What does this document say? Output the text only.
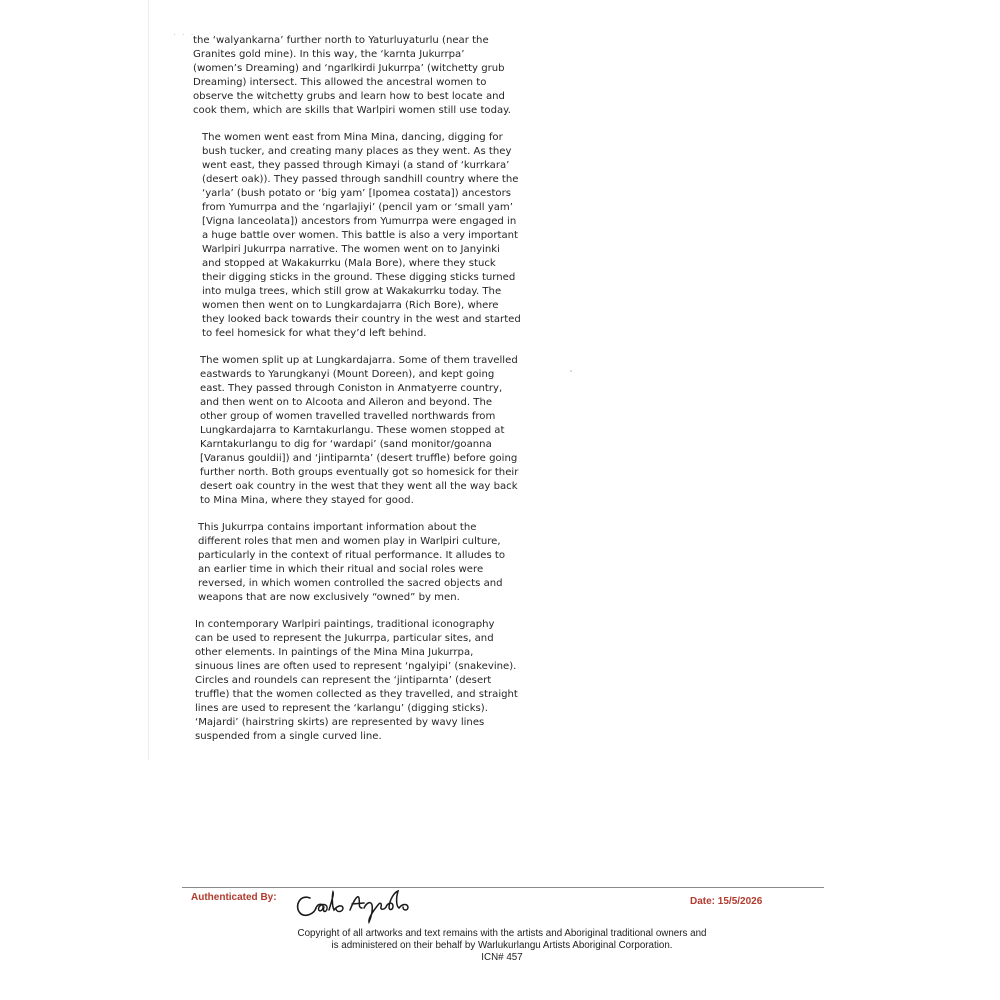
· · ·

the ‘walyankarna’ further north to Yaturluyaturlu (near the
Granites gold mine). In this way, the ‘karnta Jukurrpa’
(women’s Dreaming) and ‘ngarlkirdi Jukurrpa’ (witchetty grub
Dreaming) intersect. This allowed the ancestral women to
observe the witchetty grubs and learn how to best locate and
cook them, which are skills that Warlpiri women still use today.

The women went east from Mina Mina, dancing, digging for
bush tucker, and creating many places as they went. As they
went east, they passed through Kimayi (a stand of ‘kurrkara’
(desert oak)). They passed through sandhill country where the
‘yarla’ (bush potato or ‘big yam’ [Ipomea costata]) ancestors
from Yumurrpa and the ‘ngarlajiyi’ (pencil yam or ‘small yam’
[Vigna lanceolata]) ancestors from Yumurrpa were engaged in
a huge battle over women. This battle is also a very important
Warlpiri Jukurrpa narrative. The women went on to Janyinki
and stopped at Wakakurrku (Mala Bore), where they stuck
their digging sticks in the ground. These digging sticks turned
into mulga trees, which still grow at Wakakurrku today. The
women then went on to Lungkardajarra (Rich Bore), where
they looked back towards their country in the west and started
to feel homesick for what they’d left behind.

The women split up at Lungkardajarra. Some of them travelled
eastwards to Yarungkanyi (Mount Doreen), and kept going
east. They passed through Coniston in Anmatyerre country,
and then went on to Alcoota and Aileron and beyond. The
other group of women travelled travelled northwards from
Lungkardajarra to Karntakurlangu. These women stopped at
Karntakurlangu to dig for ‘wardapi’ (sand monitor/goanna
[Varanus gouldii]) and ‘jintiparnta’ (desert truffle) before going
further north. Both groups eventually got so homesick for their
desert oak country in the west that they went all the way back
to Mina Mina, where they stayed for good.

This Jukurrpa contains important information about the
different roles that men and women play in Warlpiri culture,
particularly in the context of ritual performance. It alludes to
an earlier time in which their ritual and social roles were
reversed, in which women controlled the sacred objects and
weapons that are now exclusively “owned” by men.

In contemporary Warlpiri paintings, traditional iconography
can be used to represent the Jukurrpa, particular sites, and
other elements. In paintings of the Mina Mina Jukurrpa,
sinuous lines are often used to represent ‘ngalyipi’ (snakevine).
Circles and roundels can represent the ‘jintiparnta’ (desert
truffle) that the women collected as they travelled, and straight
lines are used to represent the ‘karlangu’ (digging sticks).
‘Majardi’ (hairstring skirts) are represented by wavy lines
suspended from a single curved line.

Authenticated By:	Date: 15/5/2026
Copyright of all artworks and text remains with the artists and Aboriginal traditional owners and
is administered on their behalf by Warlukurlangu Artists Aboriginal Corporation.
ICN# 457
